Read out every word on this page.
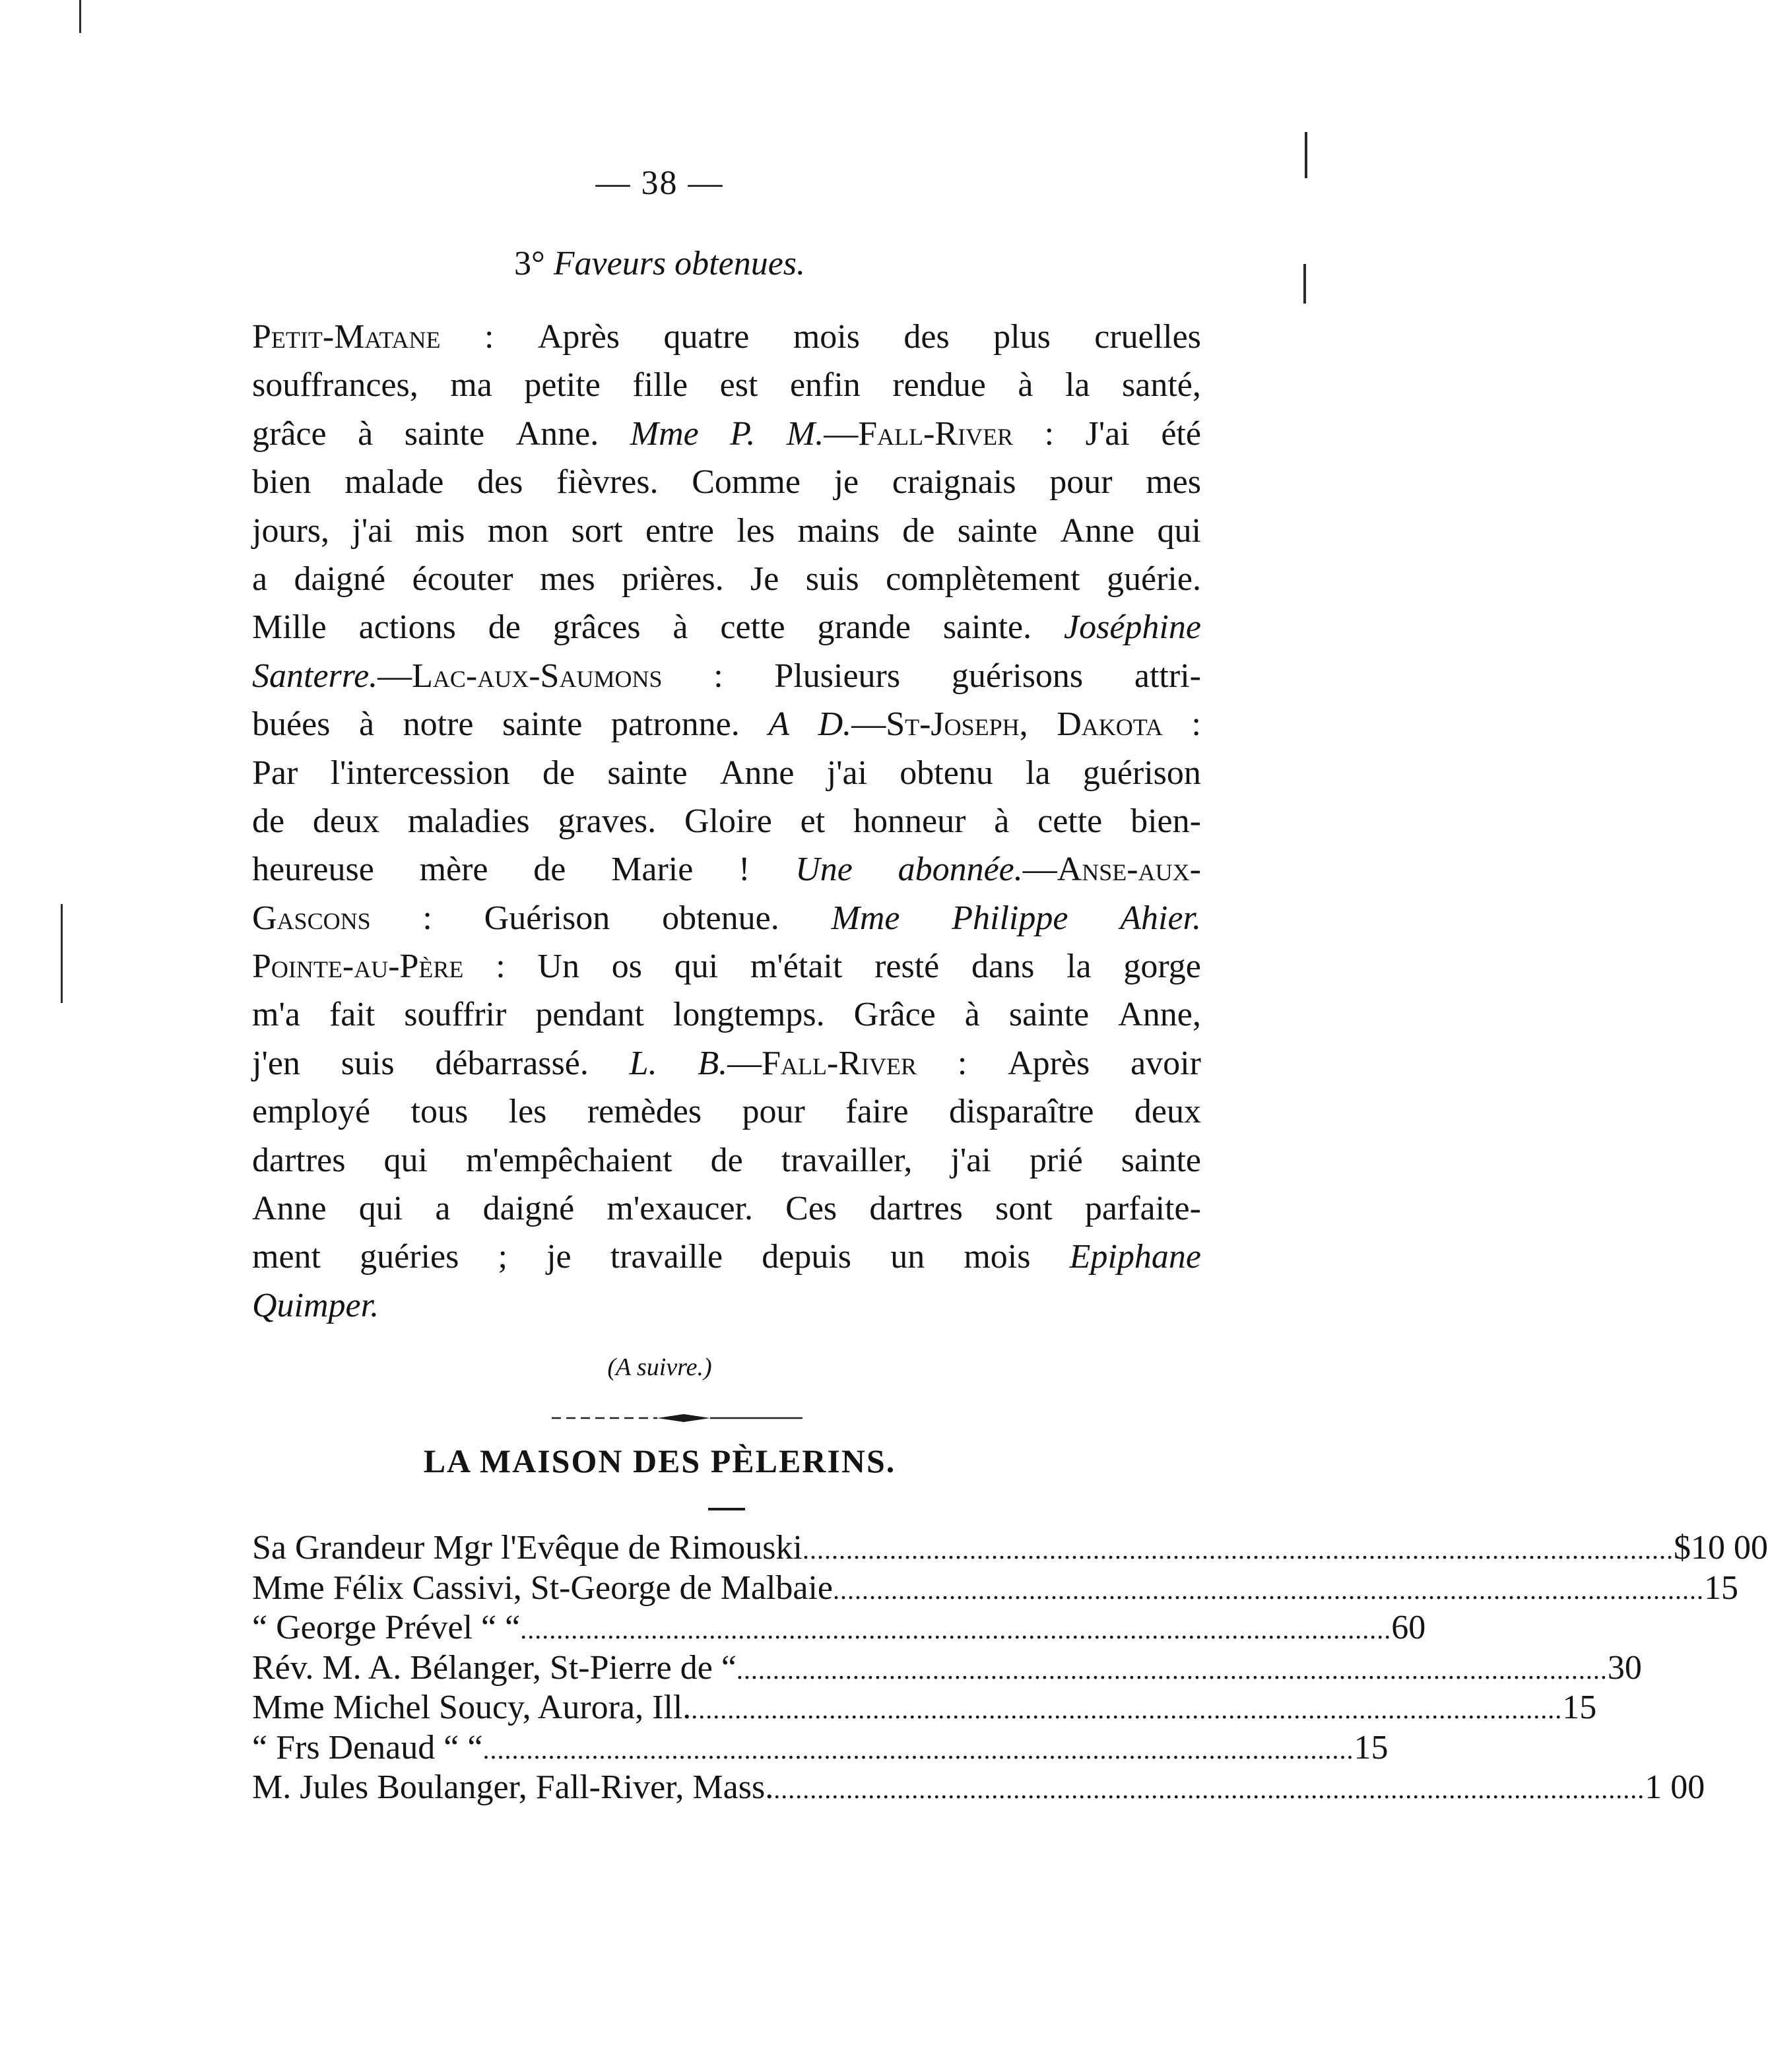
— 38 —
3° Faveurs obtenues.
Petit-Matane : Après quatre mois des plus cruelles
souffrances, ma petite fille est enfin rendue à la santé,
grâce à sainte Anne. Mme P. M.—Fall-River : J'ai été
bien malade des fièvres. Comme je craignais pour mes
jours, j'ai mis mon sort entre les mains de sainte Anne qui
a daigné écouter mes prières. Je suis complètement guérie.
Mille actions de grâces à cette grande sainte. Joséphine
Santerre.—Lac-aux-Saumons : Plusieurs guérisons attri-
buées à notre sainte patronne. A D.—St-Joseph, Dakota :
Par l'intercession de sainte Anne j'ai obtenu la guérison
de deux maladies graves. Gloire et honneur à cette bien-
heureuse mère de Marie ! Une abonnée.—Anse-aux-
Gascons : Guérison obtenue. Mme Philippe Ahier.
Pointe-au-Père : Un os qui m'était resté dans la gorge
m'a fait souffrir pendant longtemps. Grâce à sainte Anne,
j'en suis débarrassé. L. B.—Fall-River : Après avoir
employé tous les remèdes pour faire disparaître deux
dartres qui m'empêchaient de travailler, j'ai prié sainte
Anne qui a daigné m'exaucer. Ces dartres sont parfaite-
ment guéries ; je travaille depuis un mois Epiphane
Quimper.
(A suivre.)
LA MAISON DES PÈLERINS.
Sa Grandeur Mgr l'Evêque de Rimouski ........................................................................................................................ $10 00
Mme Félix Cassivi, St-George de Malbaie ........................................................................................................................ 15
“ George Prével “ “ ........................................................................................................................ 60
Rév. M. A. Bélanger, St-Pierre de “ ........................................................................................................................ 30
Mme Michel Soucy, Aurora, Ill. ........................................................................................................................ 15
“ Frs Denaud “ “ ........................................................................................................................ 15
M. Jules Boulanger, Fall-River, Mass. ........................................................................................................................ 1 00
